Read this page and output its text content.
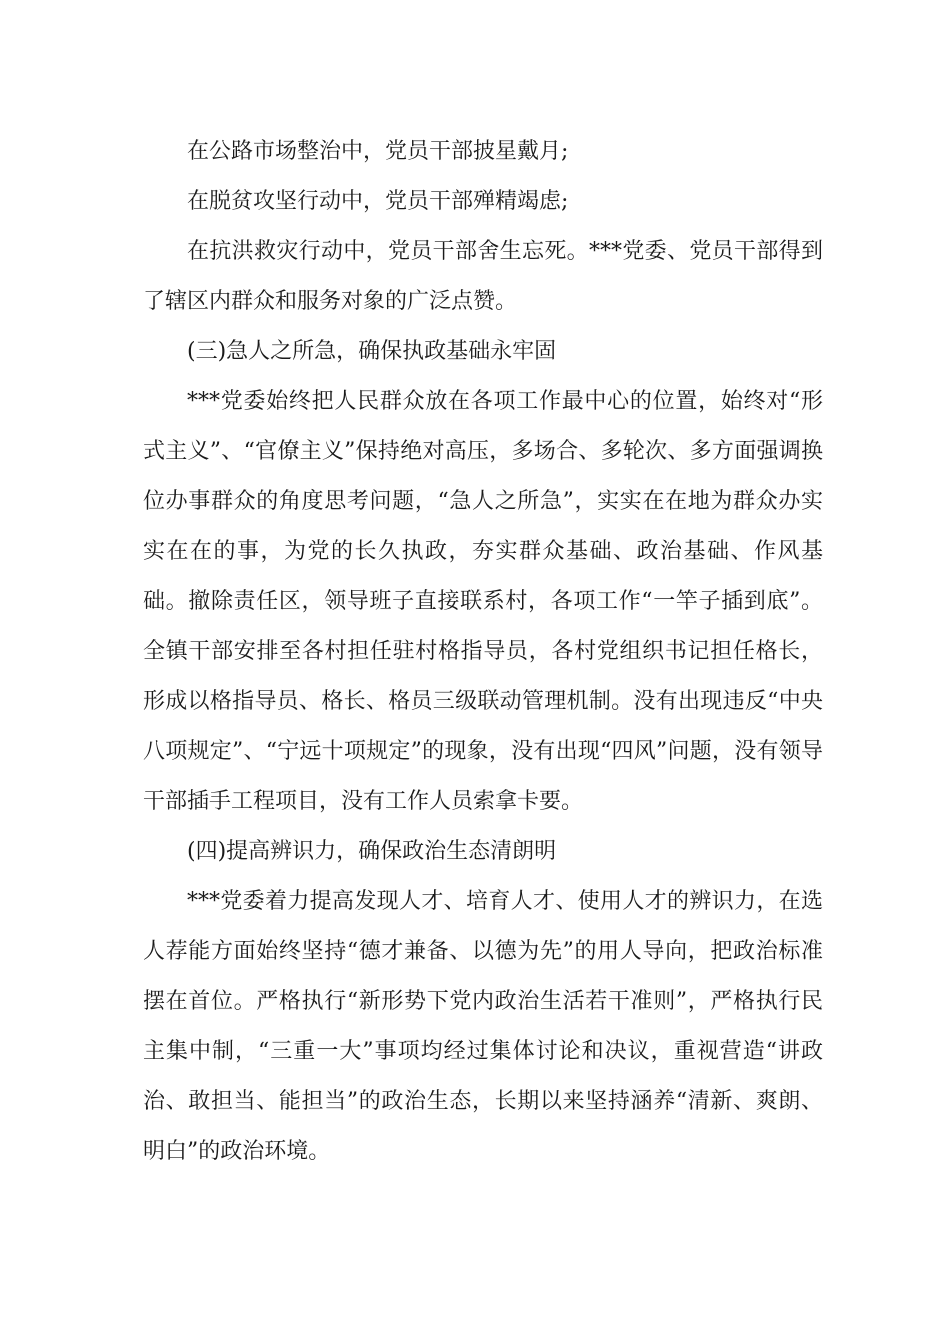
在公路市场整治中，党员干部披星戴月;

在脱贫攻坚行动中，党员干部殚精竭虑;

在抗洪救灾行动中，党员干部舍生忘死。***党委、党员干部得到了辖区内群众和服务对象的广泛点赞。

(三)急人之所急，确保执政基础永牢固

***党委始终把人民群众放在各项工作最中心的位置，始终对“形式主义”、“官僚主义”保持绝对高压，多场合、多轮次、多方面强调换位办事群众的角度思考问题，“急人之所急”，实实在在地为群众办实实在在的事，为党的长久执政，夯实群众基础、政治基础、作风基础。撤除责任区，领导班子直接联系村，各项工作“一竿子插到底”。全镇干部安排至各村担任驻村格指导员，各村党组织书记担任格长，形成以格指导员、格长、格员三级联动管理机制。没有出现违反“中央八项规定”、“宁远十项规定”的现象，没有出现“四风”问题，没有领导干部插手工程项目，没有工作人员索拿卡要。

(四)提高辨识力，确保政治生态清朗明

***党委着力提高发现人才、培育人才、使用人才的辨识力，在选人荐能方面始终坚持“德才兼备、以德为先”的用人导向，把政治标准摆在首位。严格执行“新形势下党内政治生活若干准则”，严格执行民主集中制，“三重一大”事项均经过集体讨论和决议，重视营造“讲政治、敢担当、能担当”的政治生态，长期以来坚持涵养“清新、爽朗、明白”的政治环境。
